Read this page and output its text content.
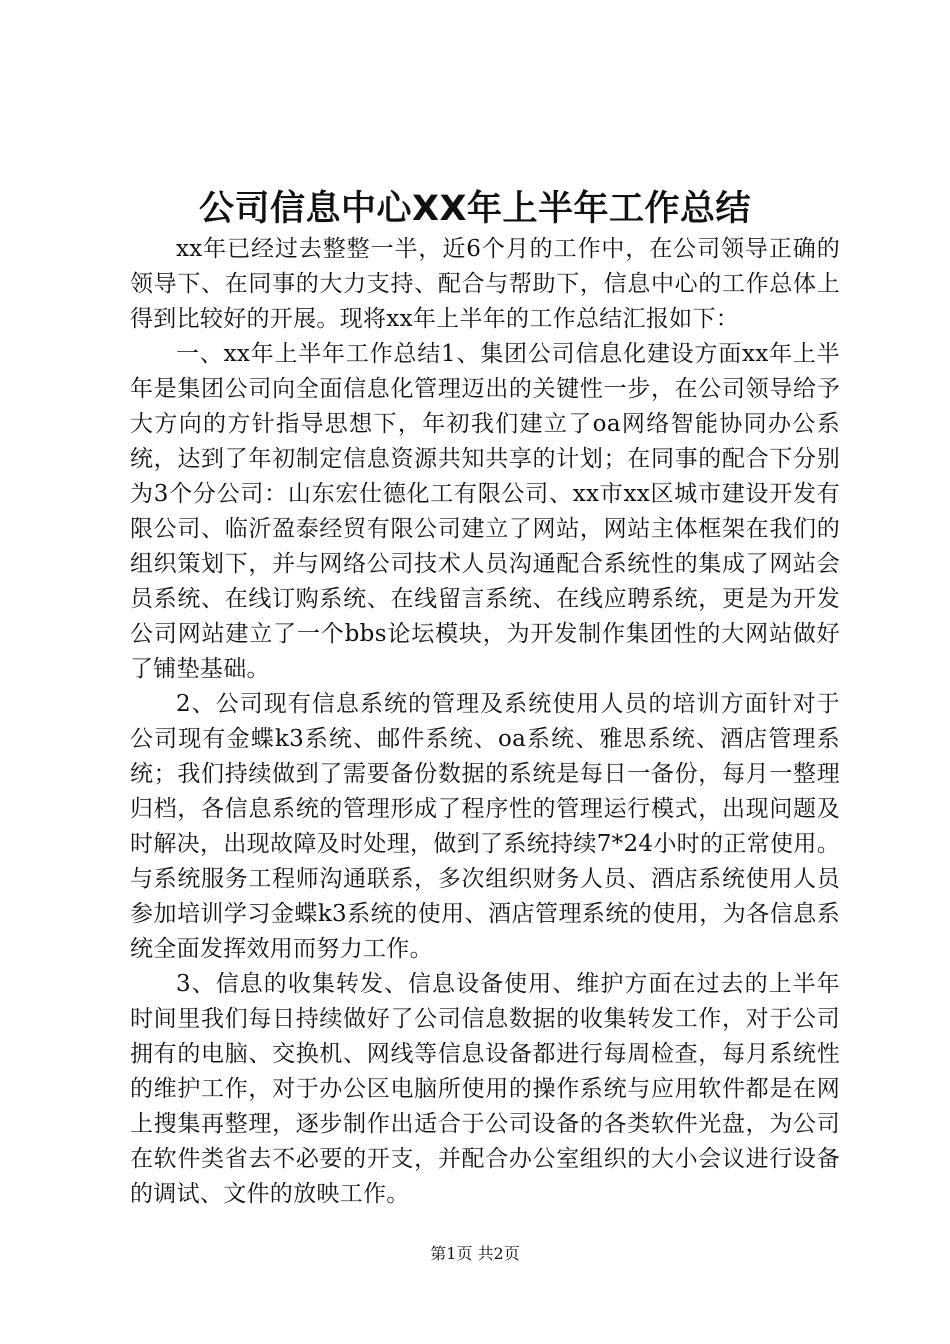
公司信息中心XX年上半年工作总结

xx年已经过去整整一半，近6个月的工作中，在公司领导正确的领导下、在同事的大力支持、配合与帮助下，信息中心的工作总体上得到比较好的开展。现将xx年上半年的工作总结汇报如下：

一、xx年上半年工作总结1、集团公司信息化建设方面xx年上半年是集团公司向全面信息化管理迈出的关键性一步，在公司领导给予大方向的方针指导思想下，年初我们建立了oa网络智能协同办公系统，达到了年初制定信息资源共知共享的计划；在同事的配合下分别为3个分公司：山东宏仕德化工有限公司、xx市xx区城市建设开发有限公司、临沂盈泰经贸有限公司建立了网站，网站主体框架在我们的组织策划下，并与网络公司技术人员沟通配合系统性的集成了网站会员系统、在线订购系统、在线留言系统、在线应聘系统，更是为开发公司网站建立了一个bbs论坛模块，为开发制作集团性的大网站做好了铺垫基础。

2、公司现有信息系统的管理及系统使用人员的培训方面针对于公司现有金蝶k3系统、邮件系统、oa系统、雅思系统、酒店管理系统；我们持续做到了需要备份数据的系统是每日一备份，每月一整理归档，各信息系统的管理形成了程序性的管理运行模式，出现问题及时解决，出现故障及时处理，做到了系统持续7*24小时的正常使用。与系统服务工程师沟通联系，多次组织财务人员、酒店系统使用人员参加培训学习金蝶k3系统的使用、酒店管理系统的使用，为各信息系统全面发挥效用而努力工作。

3、信息的收集转发、信息设备使用、维护方面在过去的上半年时间里我们每日持续做好了公司信息数据的收集转发工作，对于公司拥有的电脑、交换机、网线等信息设备都进行每周检查，每月系统性的维护工作，对于办公区电脑所使用的操作系统与应用软件都是在网上搜集再整理，逐步制作出适合于公司设备的各类软件光盘，为公司在软件类省去不必要的开支，并配合办公室组织的大小会议进行设备的调试、文件的放映工作。

第1页 共2页
